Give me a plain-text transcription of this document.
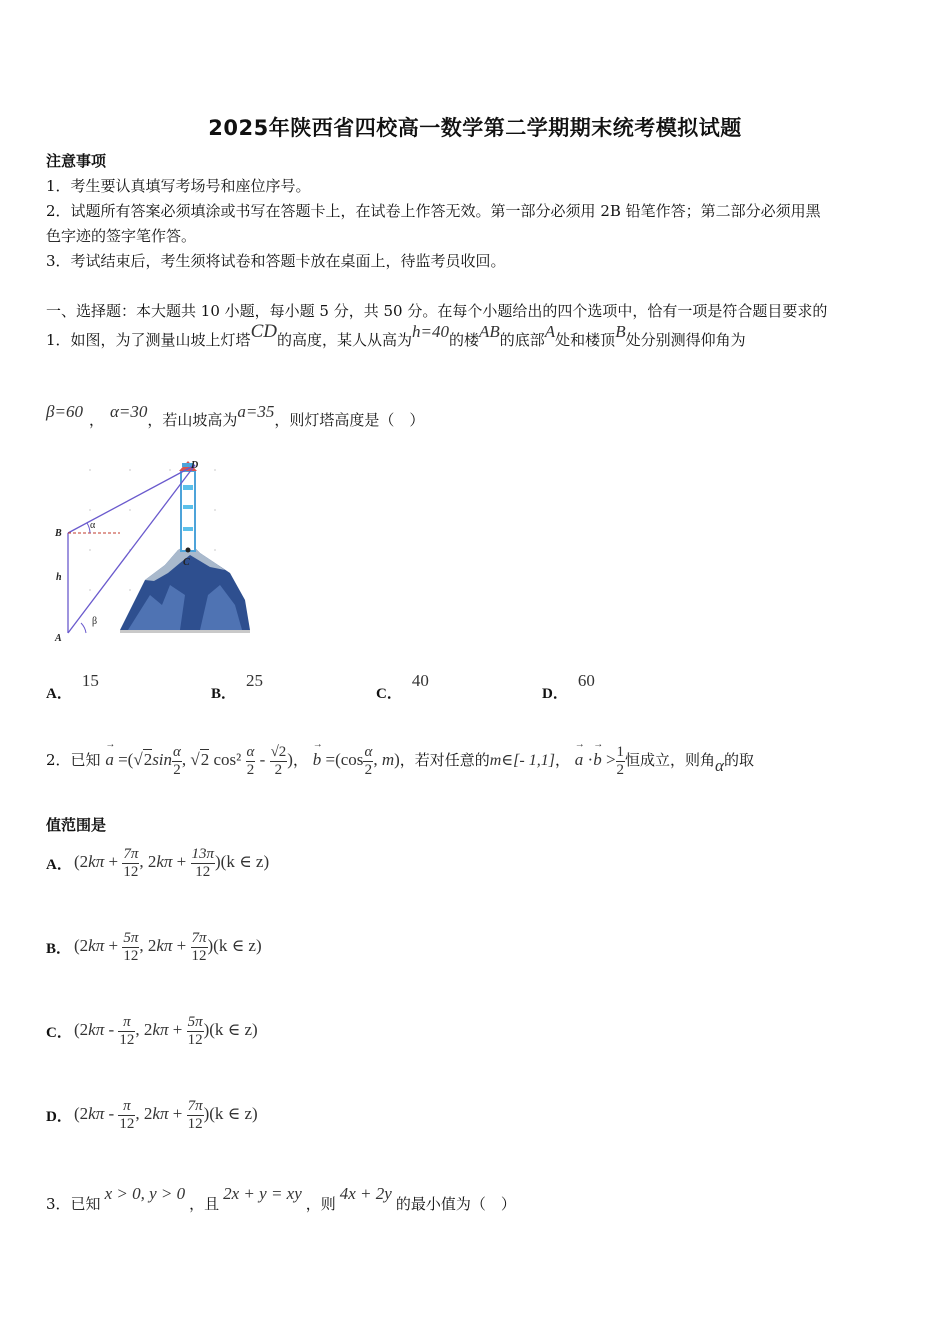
2025年陕西省四校高一数学第二学期期末统考模拟试题
注意事项
1．考生要认真填写考场号和座位序号。
2．试题所有答案必须填涂或书写在答题卡上，在试卷上作答无效。第一部分必须用 2B 铅笔作答；第二部分必须用黑
色字迹的签字笔作答。
3．考试结束后，考生须将试卷和答题卡放在桌面上，待监考员收回。
一、选择题：本大题共 10 小题，每小题 5 分，共 50 分。在每个小题给出的四个选项中，恰有一项是符合题目要求的
1．如图，为了测量山坡上灯塔CD的高度，某人从高为h=40的楼AB的底部A处和楼顶B处分别测得仰角为
β=60 ， α=30，若山坡高为a=35，则灯塔高度是（　）
D
B
C
A
h
α
β
A．15
B．25
C．40
D．60
2．已知 → $a =(√2\sin \frac{\alpha}{2}$ , √2 $\cos^2 \frac{\alpha}{2} - \frac{√2}{2}$ )， → $b =(\cos \frac{\alpha}{2}$ , m)，若对任意的m∈[- 1,1]， → $a \cdot\to b > \frac{1}{2}$ 恒成立，则角α的取
值范围是
A． ($2k\pi + \frac{7\pi}{12}$ , $2k\pi + \frac{13\pi}{12} )(k$ ∈ z)
B． ($2k\pi + \frac{5\pi}{12}$ , $2k\pi + \frac{7\pi}{12} )(k$ ∈ z)
C． ($2k\pi - \frac{\pi}{12}$ , $2k\pi + \frac{5\pi}{12} )(k$ ∈ z)
D． ($2k\pi - \frac{\pi}{12}$ , $2k\pi + \frac{7\pi}{12} )(k$ ∈ z)
3．已知x > 0, y > 0，且2x + y = xy，则4x + 2y的最小值为（　）
